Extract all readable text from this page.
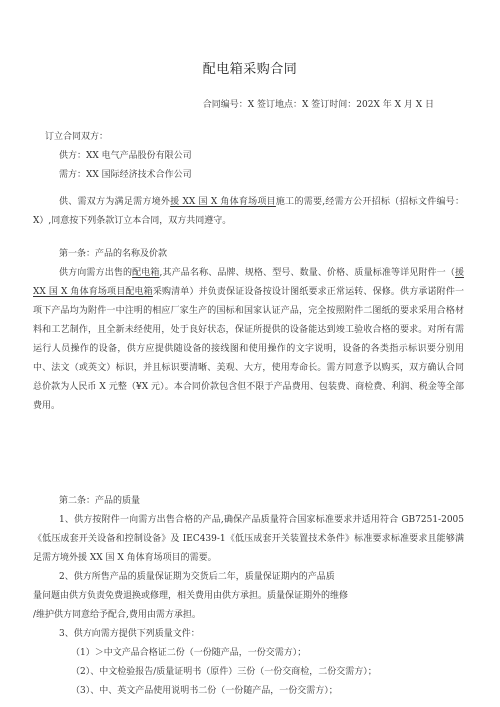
配电箱采购合同
合同编号：X 签订地点：X 签订时间：202X 年 X 月 X 日

订立合同双方：

供方：XX 电气产品股份有限公司

需方：XX 国际经济技术合作公司

供、需双方为满足需方境外援 XX 国 X 角体育场项目施工的需要,经需方公开招标（招标文件编号：X）,同意按下列条款订立本合同，双方共同遵守。

第一条：产品的名称及价款

供方向需方出售的配电箱,其产品名称、品牌、规格、型号、数量、价格、质量标准等详见附件一（援 XX 国 X 角体育场项目配电箱采购清单）并负责保证设备按设计图纸要求正常运转、保修。供方承诺附件一项下产品均为附件一中注明的相应厂家生产的国标和国家认证产品，完全按照附件二图纸的要求采用合格材料和工艺制作，且全新未经使用，处于良好状态，保证所提供的设备能达到竣工验收合格的要求。对所有需运行人员操作的设备，供方应提供随设备的接线图和使用操作的文字说明，设备的各类指示标识要分别用中、法文（或英文）标识，并且标识要清晰、美观、大方，使用寿命长。需方同意予以购买，双方确认合同总价款为人民币 X 元整（¥X 元）。本合同价款包含但不限于产品费用、包装费、商检费、利润、税金等全部费用。

第二条：产品的质量

1、供方按附件一向需方出售合格的产品,确保产品质量符合国家标准要求并适用符合 GB7251-2005《低压成套开关设备和控制设备》及 IEC439-1《低压成套开关装置技术条件》标准要求标准要求且能够满足需方境外援 XX 国 X 角体育场项目的需要。

2、供方所售产品的质量保证期为交货后二年，质量保证期内的产品质

量问题由供方负责免费退换或修理，相关费用由供方承担。质量保证期外的维修

/维护供方同意给予配合,费用由需方承担。

3、供方向需方提供下列质量文件：

（1）＞中文产品合格证二份（一份随产品，一份交需方）；

（2）、中文检验报告/质量证明书（原件）三份（一份交商检，二份交需方）；

（3）、中、英文产品使用说明书二份（一份随产品，一份交需方）；
